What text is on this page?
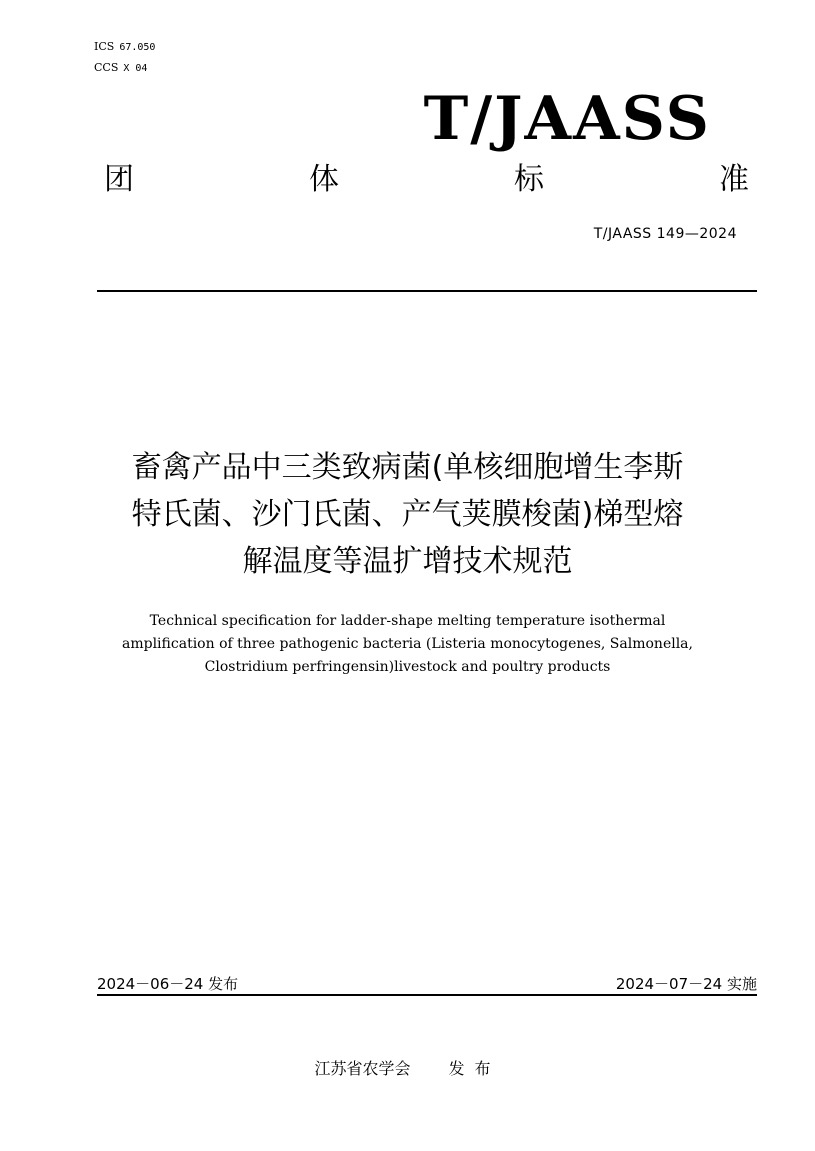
ICS 67.050
CCS X 04
T/JAASS
团	体	标	准
T/JAASS 149—2024
畜禽产品中三类致病菌(单核细胞增生李斯
特氏菌、沙门氏菌、产气荚膜梭菌)梯型熔
解温度等温扩增技术规范
Technical specification for ladder-shape melting temperature isothermal
amplification of three pathogenic bacteria (Listeria monocytogenes, Salmonella,
Clostridium perfringensin)livestock and poultry products
2024－06－24 发布	2024－07－24 实施
江苏省农学会 发布
